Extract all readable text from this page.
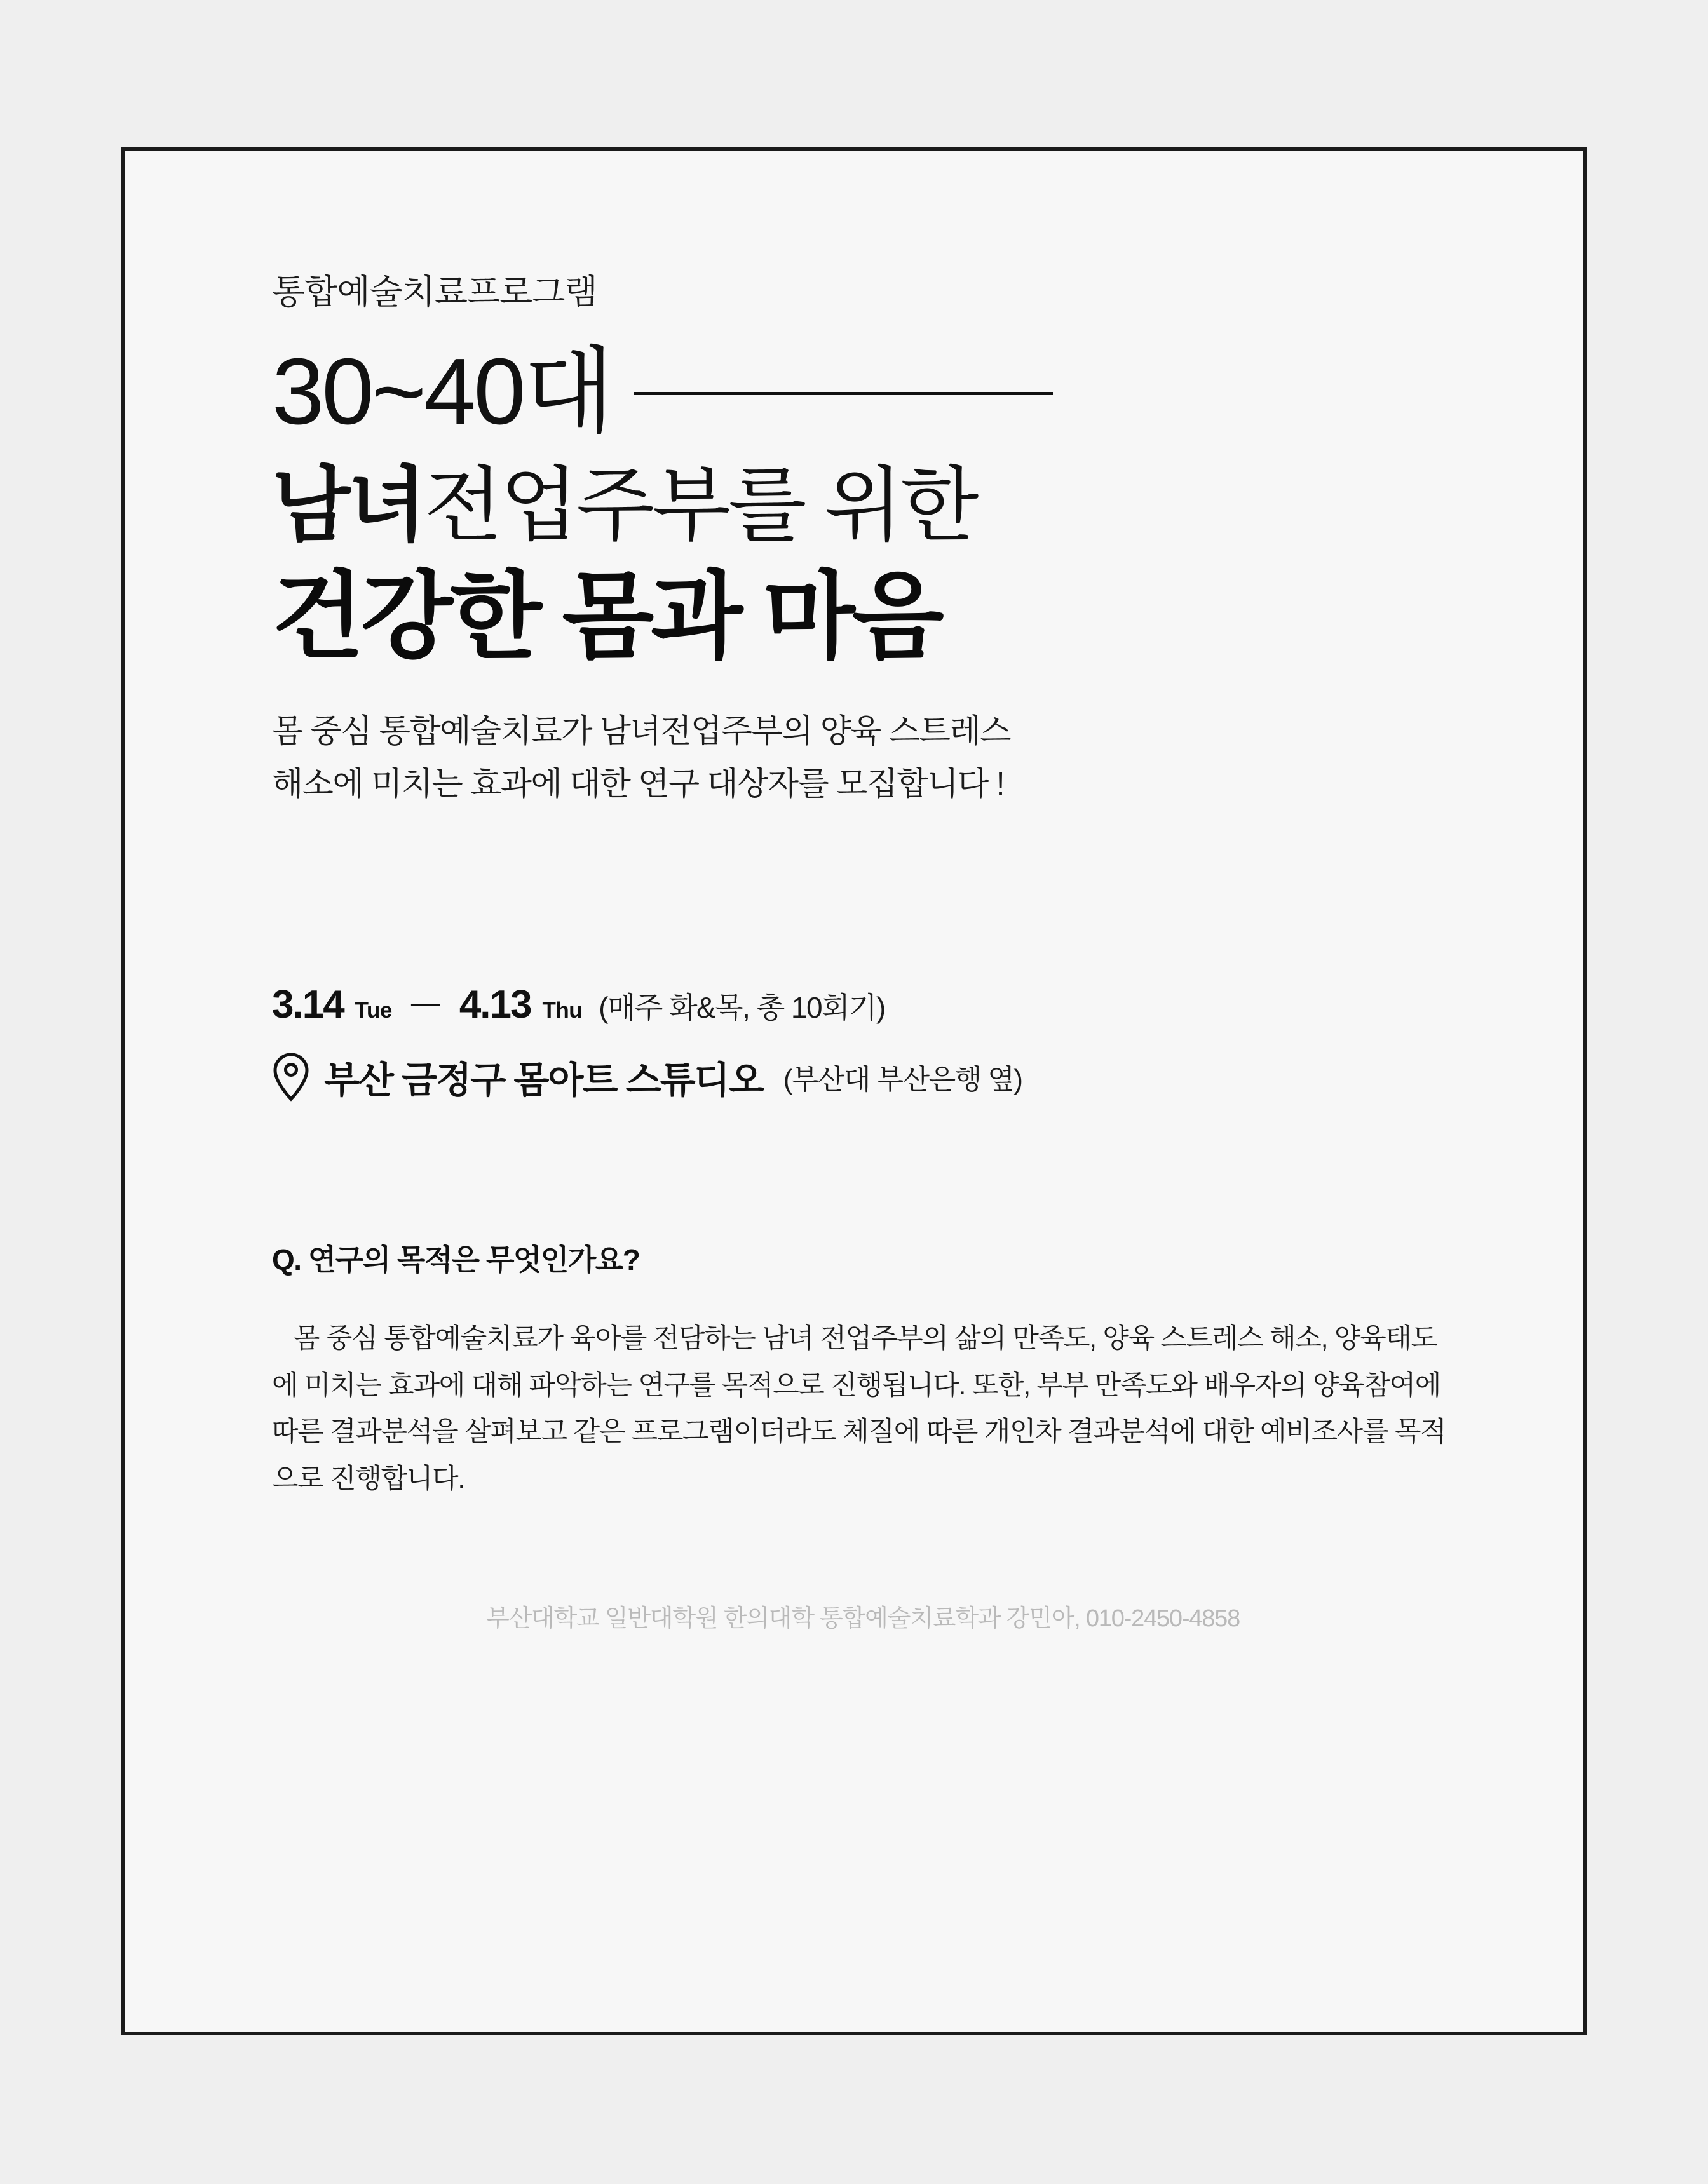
통합예술치료프로그램
30~40대
남녀전업주부를 위한
건강한 몸과 마음

몸 중심 통합예술치료가 남녀전업주부의 양육 스트레스
해소에 미치는 효과에 대한 연구 대상자를 모집합니다 !

3.14 Tue — 4.13 Thu (매주 화&목, 총 10회기)
부산 금정구 몸아트 스튜디오 (부산대 부산은행 옆)
Q. 연구의 목적은 무엇인가요?

몸 중심 통합예술치료가 육아를 전담하는 남녀 전업주부의 삶의 만족도, 양육 스트레스 해소, 양육태도에 미치는 효과에 대해 파악하는 연구를 목적으로 진행됩니다. 또한, 부부 만족도와 배우자의 양육참여에 따른 결과분석을 살펴보고 같은 프로그램이더라도 체질에 따른 개인차 결과분석에 대한 예비조사를 목적으로 진행합니다.

부산대학교 일반대학원 한의대학 통합예술치료학과 강민아, 010-2450-4858
